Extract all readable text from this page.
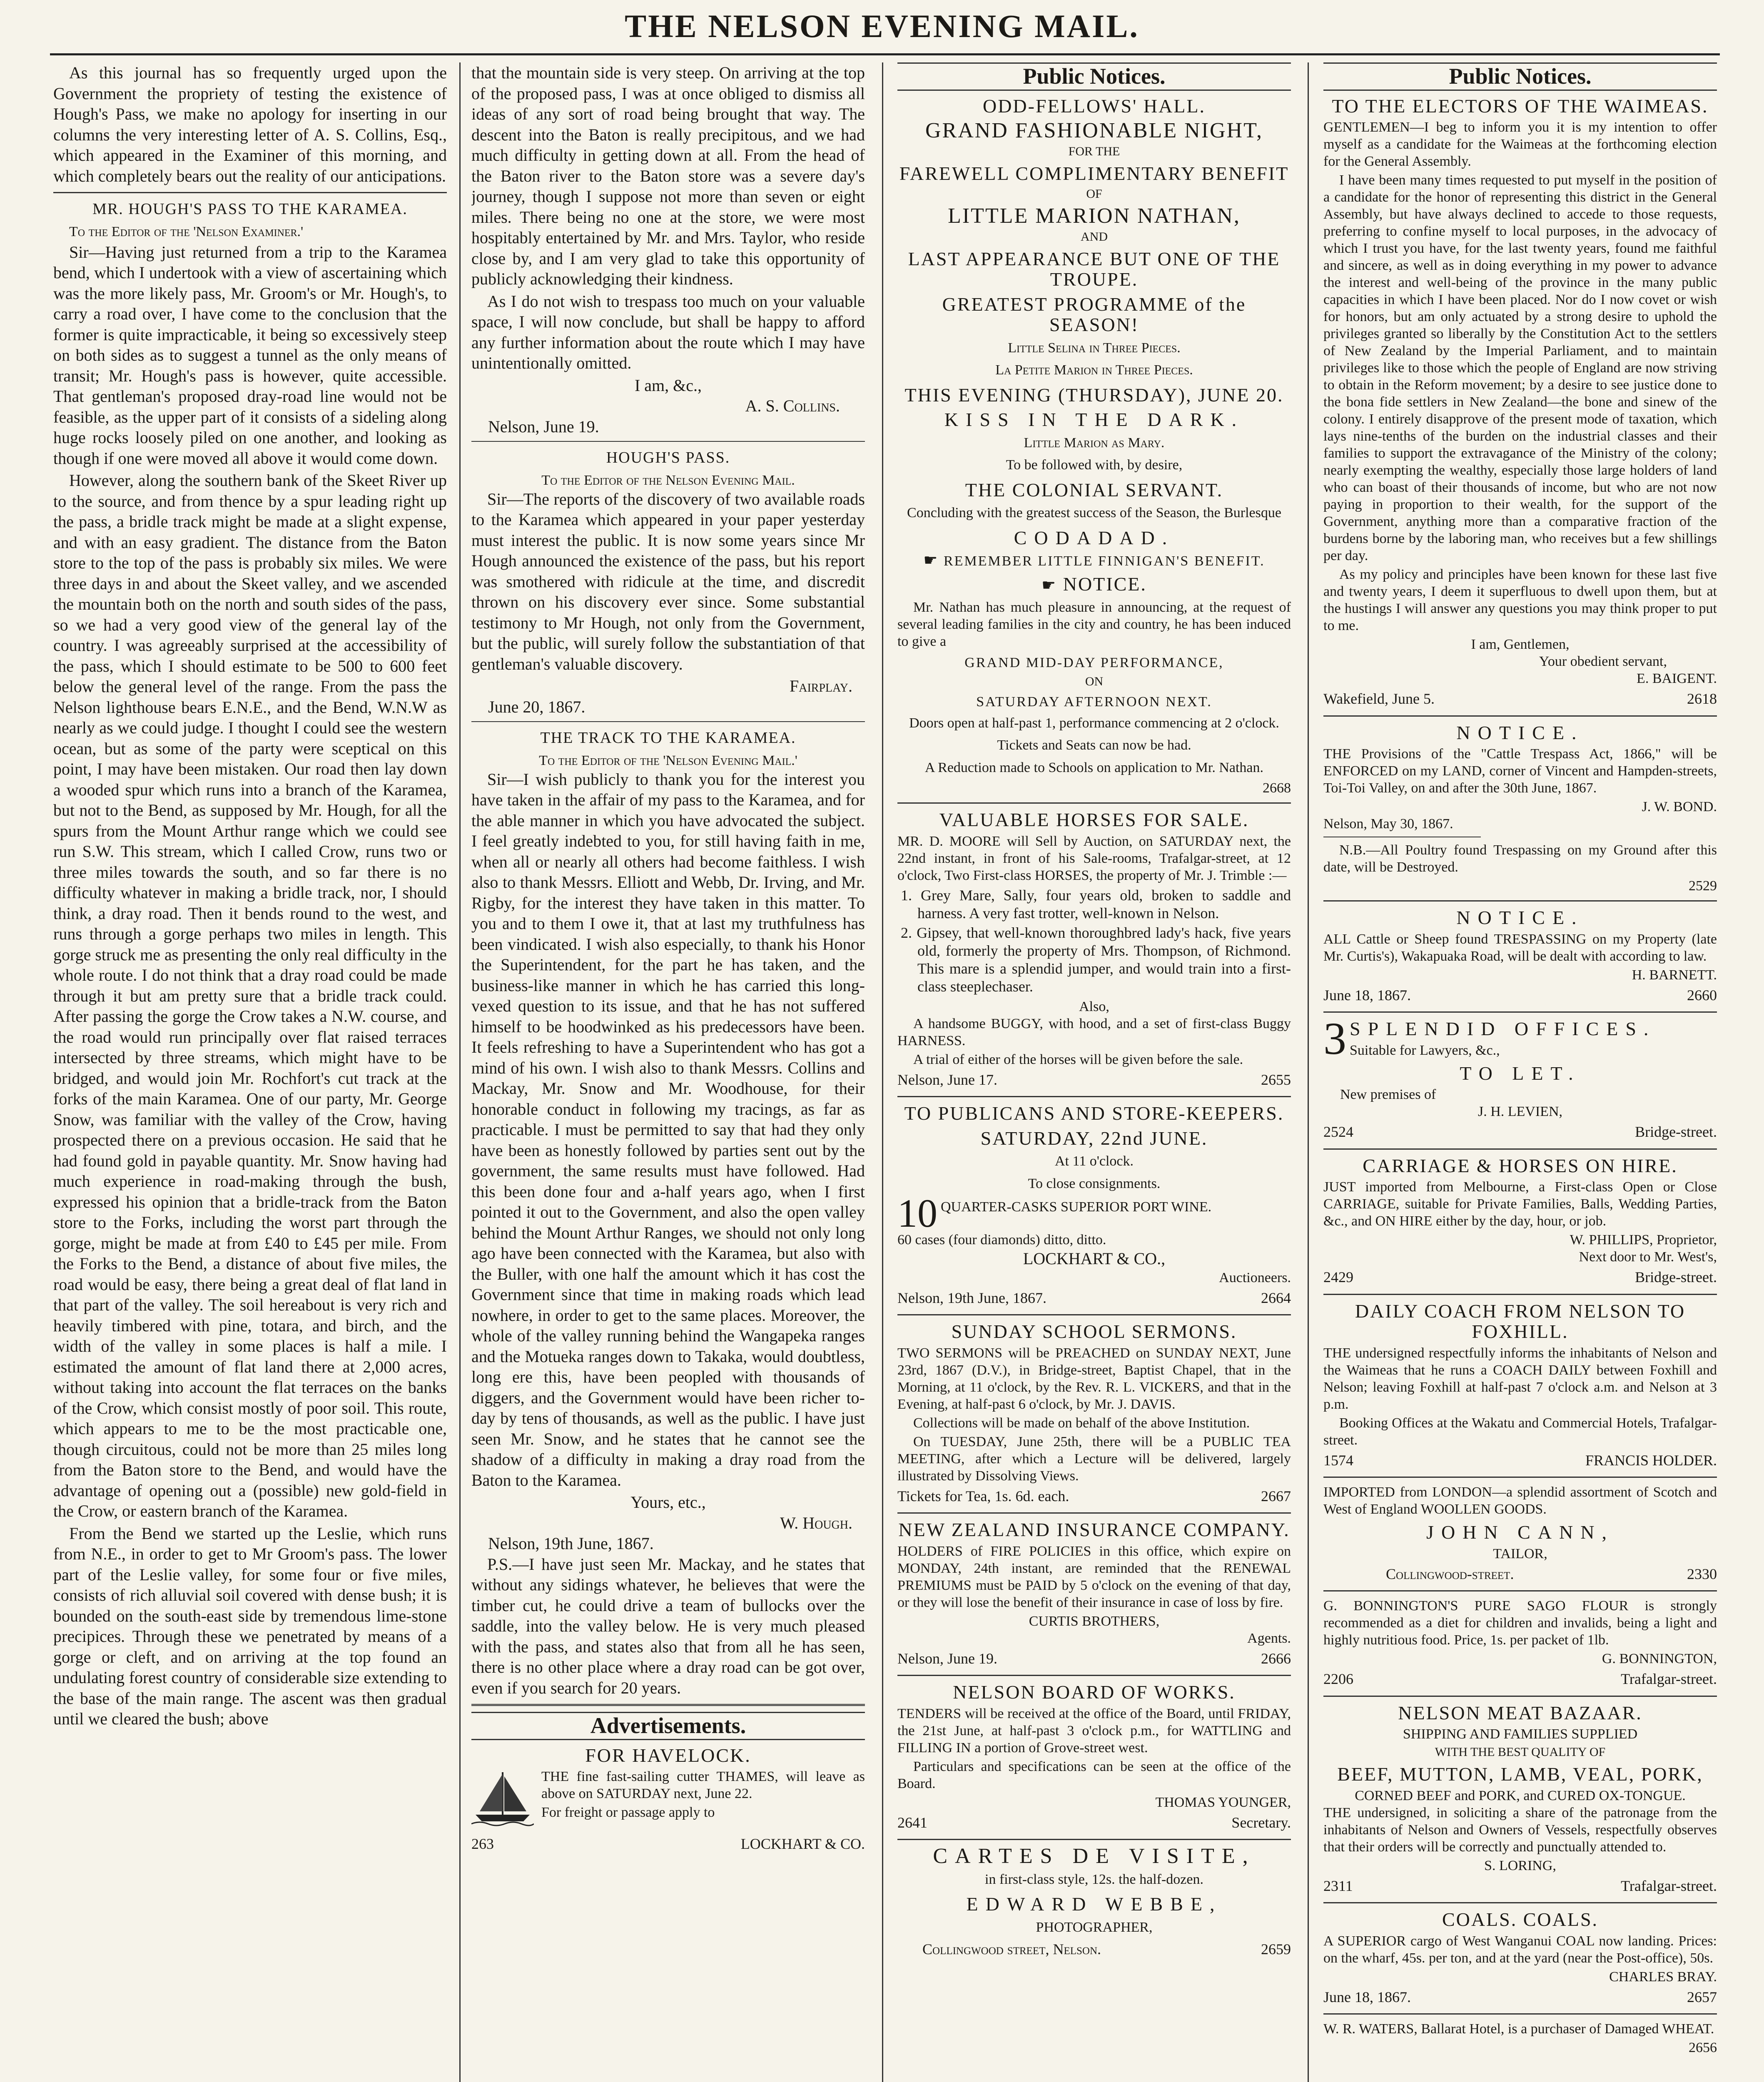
THE NELSON EVENING MAIL.

As this journal has so frequently urged upon the Government the propriety of testing the existence of Hough's Pass, we make no apology for inserting in our columns the very interesting letter of A. S. Collins, Esq., which appeared in the Examiner of this morning, and which completely bears out the reality of our anticipations.

MR. HOUGH'S PASS TO THE KARAMEA.

To the Editor of the 'Nelson Examiner.'

Sir—Having just returned from a trip to the Karamea bend, which I undertook with a view of ascertaining which was the more likely pass, Mr. Groom's or Mr. Hough's, to carry a road over, I have come to the conclusion that the former is quite impracticable, it being so excessively steep on both sides as to suggest a tunnel as the only means of transit; Mr. Hough's pass is however, quite accessible. That gentleman's proposed dray-road line would not be feasible, as the upper part of it consists of a sideling along huge rocks loosely piled on one another, and looking as though if one were moved all above it would come down.

However, along the southern bank of the Skeet River up to the source, and from thence by a spur leading right up the pass, a bridle track might be made at a slight expense, and with an easy gradient. The distance from the Baton store to the top of the pass is probably six miles. We were three days in and about the Skeet valley, and we ascended the mountain both on the north and south sides of the pass, so we had a very good view of the general lay of the country. I was agreeably surprised at the accessibility of the pass, which I should estimate to be 500 to 600 feet below the general level of the range. From the pass the Nelson lighthouse bears E.N.E., and the Bend, W.N.W as nearly as we could judge. I thought I could see the western ocean, but as some of the party were sceptical on this point, I may have been mistaken. Our road then lay down a wooded spur which runs into a branch of the Karamea, but not to the Bend, as supposed by Mr. Hough, for all the spurs from the Mount Arthur range which we could see run S.W. This stream, which I called Crow, runs two or three miles towards the south, and so far there is no difficulty whatever in making a bridle track, nor, I should think, a dray road. Then it bends round to the west, and runs through a gorge perhaps two miles in length. This gorge struck me as presenting the only real difficulty in the whole route. I do not think that a dray road could be made through it but am pretty sure that a bridle track could. After passing the gorge the Crow takes a N.W. course, and the road would run principally over flat raised terraces intersected by three streams, which might have to be bridged, and would join Mr. Rochfort's cut track at the forks of the main Karamea. One of our party, Mr. George Snow, was familiar with the valley of the Crow, having prospected there on a previous occasion. He said that he had found gold in payable quantity. Mr. Snow having had much experience in road-making through the bush, expressed his opinion that a bridle-track from the Baton store to the Forks, including the worst part through the gorge, might be made at from £40 to £45 per mile. From the Forks to the Bend, a distance of about five miles, the road would be easy, there being a great deal of flat land in that part of the valley. The soil hereabout is very rich and heavily timbered with pine, totara, and birch, and the width of the valley in some places is half a mile. I estimated the amount of flat land there at 2,000 acres, without taking into account the flat terraces on the banks of the Crow, which consist mostly of poor soil. This route, which appears to me to be the most practicable one, though circuitous, could not be more than 25 miles long from the Baton store to the Bend, and would have the advantage of opening out a (possible) new gold-field in the Crow, or eastern branch of the Karamea.

From the Bend we started up the Leslie, which runs from N.E., in order to get to Mr Groom's pass. The lower part of the Leslie valley, for some four or five miles, consists of rich alluvial soil covered with dense bush; it is bounded on the south-east side by tremendous lime-stone precipices. Through these we penetrated by means of a gorge or cleft, and on arriving at the top found an undulating forest country of considerable size extending to the base of the main range. The ascent was then gradual until we cleared the bush; above

that the mountain side is very steep. On arriving at the top of the proposed pass, I was at once obliged to dismiss all ideas of any sort of road being brought that way. The descent into the Baton is really precipitous, and we had much difficulty in getting down at all. From the head of the Baton river to the Baton store was a severe day's journey, though I suppose not more than seven or eight miles. There being no one at the store, we were most hospitably entertained by Mr. and Mrs. Taylor, who reside close by, and I am very glad to take this opportunity of publicly acknowledging their kindness.

As I do not wish to trespass too much on your valuable space, I will now conclude, but shall be happy to afford any further information about the route which I may have unintentionally omitted.

I am, &c.,
A. S. Collins.
Nelson, June 19.
HOUGH'S PASS.
To the Editor of the Nelson Evening Mail.

Sir—The reports of the discovery of two available roads to the Karamea which appeared in your paper yesterday must interest the public. It is now some years since Mr Hough announced the existence of the pass, but his report was smothered with ridicule at the time, and discredit thrown on his discovery ever since. Some substantial testimony to Mr Hough, not only from the Government, but the public, will surely follow the substantiation of that gentleman's valuable discovery.

Fairplay.
June 20, 1867.
THE TRACK TO THE KARAMEA.
To the Editor of the 'Nelson Evening Mail.'

Sir—I wish publicly to thank you for the interest you have taken in the affair of my pass to the Karamea, and for the able manner in which you have advocated the subject. I feel greatly indebted to you, for still having faith in me, when all or nearly all others had become faithless. I wish also to thank Messrs. Elliott and Webb, Dr. Irving, and Mr. Rigby, for the interest they have taken in this matter. To you and to them I owe it, that at last my truthfulness has been vindicated. I wish also especially, to thank his Honor the Superintendent, for the part he has taken, and the business-like manner in which he has carried this long-vexed question to its issue, and that he has not suffered himself to be hoodwinked as his predecessors have been. It feels refreshing to have a Superintendent who has got a mind of his own. I wish also to thank Messrs. Collins and Mackay, Mr. Snow and Mr. Woodhouse, for their honorable conduct in following my tracings, as far as practicable. I must be permitted to say that had they only have been as honestly followed by parties sent out by the government, the same results must have followed. Had this been done four and a-half years ago, when I first pointed it out to the Government, and also the open valley behind the Mount Arthur Ranges, we should not only long ago have been connected with the Karamea, but also with the Buller, with one half the amount which it has cost the Government since that time in making roads which lead nowhere, in order to get to the same places. Moreover, the whole of the valley running behind the Wangapeka ranges and the Motueka ranges down to Takaka, would doubtless, long ere this, have been peopled with thousands of diggers, and the Government would have been richer to-day by tens of thousands, as well as the public. I have just seen Mr. Snow, and he states that he cannot see the shadow of a difficulty in making a dray road from the Baton to the Karamea.

Yours, etc.,
W. Hough.
Nelson, 19th June, 1867.

P.S.—I have just seen Mr. Mackay, and he states that without any sidings whatever, he believes that were the timber cut, he could drive a team of bullocks over the saddle, into the valley below. He is very much pleased with the pass, and states also that from all he has seen, there is no other place where a dray road can be got over, even if you search for 20 years.

Advertisements.
FOR HAVELOCK.

THE fine fast-sailing cutter THAMES, will leave as above on SATURDAY next, June 22.

For freight or passage apply to
263	LOCKHART & CO.
Public Notices.
ODD-FELLOWS' HALL.
GRAND FASHIONABLE NIGHT,
FOR THE
FAREWELL COMPLIMENTARY BENEFIT
OF
LITTLE MARION NATHAN,
AND
LAST APPEARANCE BUT ONE OF THE TROUPE.
GREATEST PROGRAMME of the SEASON!
Little Selina in Three Pieces.
La Petite Marion in Three Pieces.
THIS EVENING (THURSDAY), JUNE 20.
KISS IN THE DARK.
Little Marion as Mary.
To be followed with, by desire,
THE COLONIAL SERVANT.
Concluding with the greatest success of the Season, the Burlesque
CODADAD.
☛ REMEMBER LITTLE FINNIGAN'S BENEFIT.
☛ NOTICE.

Mr. Nathan has much pleasure in announcing, at the request of several leading families in the city and country, he has been induced to give a

GRAND MID-DAY PERFORMANCE,
ON
SATURDAY AFTERNOON NEXT.
Doors open at half-past 1, performance commencing at 2 o'clock.
Tickets and Seats can now be had.
A Reduction made to Schools on application to Mr. Nathan.
2668
VALUABLE HORSES FOR SALE.

MR. D. MOORE will Sell by Auction, on SATURDAY next, the 22nd instant, in front of his Sale-rooms, Trafalgar-street, at 12 o'clock, Two First-class HORSES, the property of Mr. J. Trimble :—

1. Grey Mare, Sally, four years old, broken to saddle and harness. A very fast trotter, well-known in Nelson.
2. Gipsey, that well-known thoroughbred lady's hack, five years old, formerly the property of Mrs. Thompson, of Richmond. This mare is a splendid jumper, and would train into a first-class steeplechaser.
Also,

A handsome BUGGY, with hood, and a set of first-class Buggy HARNESS.

A trial of either of the horses will be given before the sale.

Nelson, June 17.	2655
TO PUBLICANS AND STORE-KEEPERS.
SATURDAY, 22nd JUNE.
At 11 o'clock.
To close consignments.
10 QUARTER-CASKS SUPERIOR PORT WINE.
60 cases (four diamonds) ditto, ditto.
LOCKHART & CO.,
Auctioneers.
Nelson, 19th June, 1867.	2664
SUNDAY SCHOOL SERMONS.

TWO SERMONS will be PREACHED on SUNDAY NEXT, June 23rd, 1867 (D.V.), in Bridge-street, Baptist Chapel, that in the Morning, at 11 o'clock, by the Rev. R. L. VICKERS, and that in the Evening, at half-past 6 o'clock, by Mr. J. DAVIS.

Collections will be made on behalf of the above Institution.

On TUESDAY, June 25th, there will be a PUBLIC TEA MEETING, after which a Lecture will be delivered, largely illustrated by Dissolving Views.

Tickets for Tea, 1s. 6d. each.	2667
NEW ZEALAND INSURANCE COMPANY.

HOLDERS of FIRE POLICIES in this office, which expire on MONDAY, 24th instant, are reminded that the RENEWAL PREMIUMS must be PAID by 5 o'clock on the evening of that day, or they will lose the benefit of their insurance in case of loss by fire.

CURTIS BROTHERS,
Agents.
Nelson, June 19.	2666
NELSON BOARD OF WORKS.

TENDERS will be received at the office of the Board, until FRIDAY, the 21st June, at half-past 3 o'clock p.m., for WATTLING and FILLING IN a portion of Grove-street west.

Particulars and specifications can be seen at the office of the Board.

THOMAS YOUNGER,
2641	Secretary.
CARTES DE VISITE,
in first-class style, 12s. the half-dozen.
EDWARD WEBBE,
PHOTOGRAPHER,
Collingwood street, Nelson.	2659
Public Notices.
TO THE ELECTORS OF THE WAIMEAS.

GENTLEMEN—I beg to inform you it is my intention to offer myself as a candidate for the Waimeas at the forthcoming election for the General Assembly.

I have been many times requested to put myself in the position of a candidate for the honor of representing this district in the General Assembly, but have always declined to accede to those requests, preferring to confine myself to local purposes, in the advocacy of which I trust you have, for the last twenty years, found me faithful and sincere, as well as in doing everything in my power to advance the interest and well-being of the province in the many public capacities in which I have been placed. Nor do I now covet or wish for honors, but am only actuated by a strong desire to uphold the privileges granted so liberally by the Constitution Act to the settlers of New Zealand by the Imperial Parliament, and to maintain privileges like to those which the people of England are now striving to obtain in the Reform movement; by a desire to see justice done to the bona fide settlers in New Zealand—the bone and sinew of the colony. I entirely disapprove of the present mode of taxation, which lays nine-tenths of the burden on the industrial classes and their families to support the extravagance of the Ministry of the colony; nearly exempting the wealthy, especially those large holders of land who can boast of their thousands of income, but who are not now paying in proportion to their wealth, for the support of the Government, anything more than a comparative fraction of the burdens borne by the laboring man, who receives but a few shillings per day.

As my policy and principles have been known for these last five and twenty years, I deem it superfluous to dwell upon them, but at the hustings I will answer any questions you may think proper to put to me.

I am, Gentlemen,
Your obedient servant,
E. BAIGENT.
Wakefield, June 5.	2618
NOTICE.

THE Provisions of the "Cattle Trespass Act, 1866," will be ENFORCED on my LAND, corner of Vincent and Hampden-streets, Toi-Toi Valley, on and after the 30th June, 1867.

J. W. BOND.
Nelson, May 30, 1867.

N.B.—All Poultry found Trespassing on my Ground after this date, will be Destroyed.

2529
NOTICE.

ALL Cattle or Sheep found TRESPASSING on my Property (late Mr. Curtis's), Wakapuaka Road, will be dealt with according to law.

H. BARNETT.
June 18, 1867.	2660
3 SPLENDID OFFICES.
Suitable for Lawyers, &c.,
TO LET.
New premises of
J. H. LEVIEN,
2524	Bridge-street.
CARRIAGE & HORSES ON HIRE.

JUST imported from Melbourne, a First-class Open or Close CARRIAGE, suitable for Private Families, Balls, Wedding Parties, &c., and ON HIRE either by the day, hour, or job.

W. PHILLIPS, Proprietor,
Next door to Mr. West's,
2429	Bridge-street.
DAILY COACH FROM NELSON TO FOXHILL.

THE undersigned respectfully informs the inhabitants of Nelson and the Waimeas that he runs a COACH DAILY between Foxhill and Nelson; leaving Foxhill at half-past 7 o'clock a.m. and Nelson at 3 p.m.

Booking Offices at the Wakatu and Commercial Hotels, Trafalgar-street.

1574	FRANCIS HOLDER.

IMPORTED from LONDON—a splendid assortment of Scotch and West of England WOOLLEN GOODS.

JOHN CANN,
TAILOR,
Collingwood-street.	2330

G. BONNINGTON'S PURE SAGO FLOUR is strongly recommended as a diet for children and invalids, being a light and highly nutritious food. Price, 1s. per packet of 1lb.

G. BONNINGTON,
2206	Trafalgar-street.
NELSON MEAT BAZAAR.
SHIPPING AND FAMILIES SUPPLIED
WITH THE BEST QUALITY OF
BEEF, MUTTON, LAMB, VEAL, PORK,
CORNED BEEF and PORK, and CURED OX-TONGUE.

THE undersigned, in soliciting a share of the patronage from the inhabitants of Nelson and Owners of Vessels, respectfully observes that their orders will be correctly and punctually attended to.

S. LORING,
2311	Trafalgar-street.
COALS. COALS.

A SUPERIOR cargo of West Wanganui COAL now landing. Prices: on the wharf, 45s. per ton, and at the yard (near the Post-office), 50s.

CHARLES BRAY.
June 18, 1867.	2657

W. R. WATERS, Ballarat Hotel, is a purchaser of Damaged WHEAT.

2656
